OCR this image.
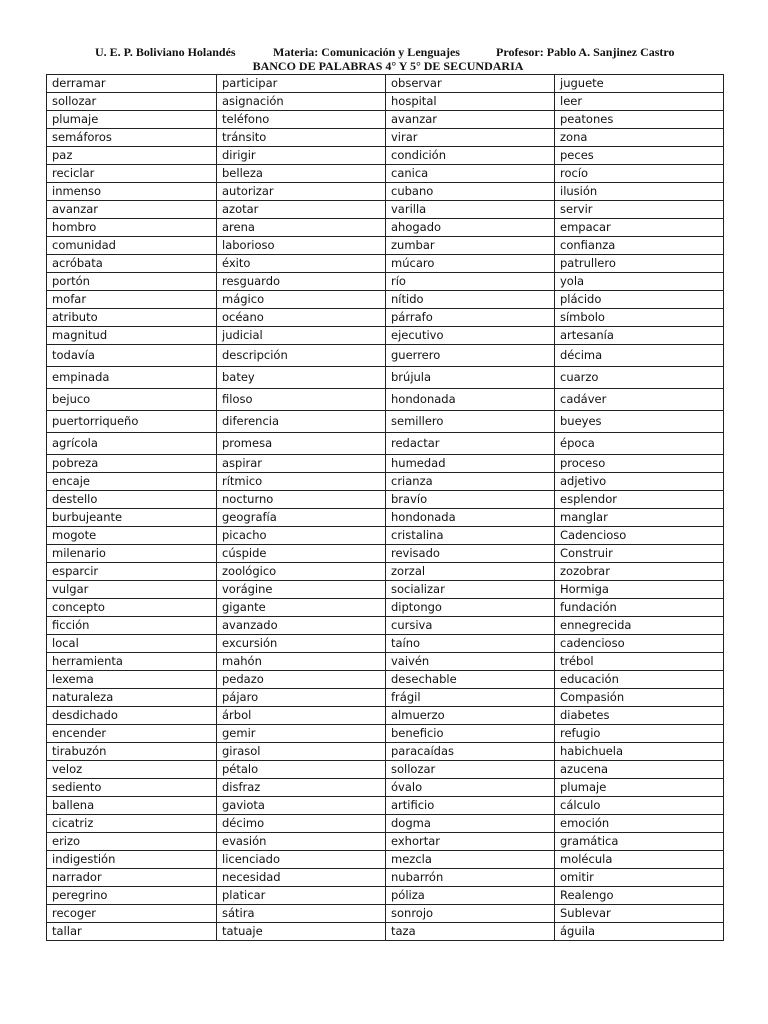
U. E. P. Boliviano Holandés	Materia: Comunicación y Lenguajes	Profesor: Pablo A. Sanjinez Castro
BANCO DE PALABRAS 4° Y 5° DE SECUNDARIA
derramar	participar	observar	juguete
sollozar	asignación	hospital	leer
plumaje	teléfono	avanzar	peatones
semáforos	tránsito	virar	zona
paz	dirigir	condición	peces
reciclar	belleza	canica	rocío
inmenso	autorizar	cubano	ilusión
avanzar	azotar	varilla	servir
hombro	arena	ahogado	empacar
comunidad	laborioso	zumbar	confianza
acróbata	éxito	múcaro	patrullero
portón	resguardo	río	yola
mofar	mágico	nítido	plácido
atributo	océano	párrafo	símbolo
magnitud	judicial	ejecutivo	artesanía
todavía	descripción	guerrero	décima
empinada	batey	brújula	cuarzo
bejuco	filoso	hondonada	cadáver
puertorriqueño	diferencia	semillero	bueyes
agrícola	promesa	redactar	época
pobreza	aspirar	humedad	proceso
encaje	rítmico	crianza	adjetivo
destello	nocturno	bravío	esplendor
burbujeante	geografía	hondonada	manglar
mogote	picacho	cristalina	Cadencioso
milenario	cúspide	revisado	Construir
esparcir	zoológico	zorzal	zozobrar
vulgar	vorágine	socializar	Hormiga
concepto	gigante	diptongo	fundación
ficción	avanzado	cursiva	ennegrecida
local	excursión	taíno	cadencioso
herramienta	mahón	vaivén	trébol
lexema	pedazo	desechable	educación
naturaleza	pájaro	frágil	Compasión
desdichado	árbol	almuerzo	diabetes
encender	gemir	beneficio	refugio
tirabuzón	girasol	paracaídas	habichuela
veloz	pétalo	sollozar	azucena
sediento	disfraz	óvalo	plumaje
ballena	gaviota	artificio	cálculo
cicatriz	décimo	dogma	emoción
erizo	evasión	exhortar	gramática
indigestión	licenciado	mezcla	molécula
narrador	necesidad	nubarrón	omitir
peregrino	platicar	póliza	Realengo
recoger	sátira	sonrojo	Sublevar
tallar	tatuaje	taza	águila
